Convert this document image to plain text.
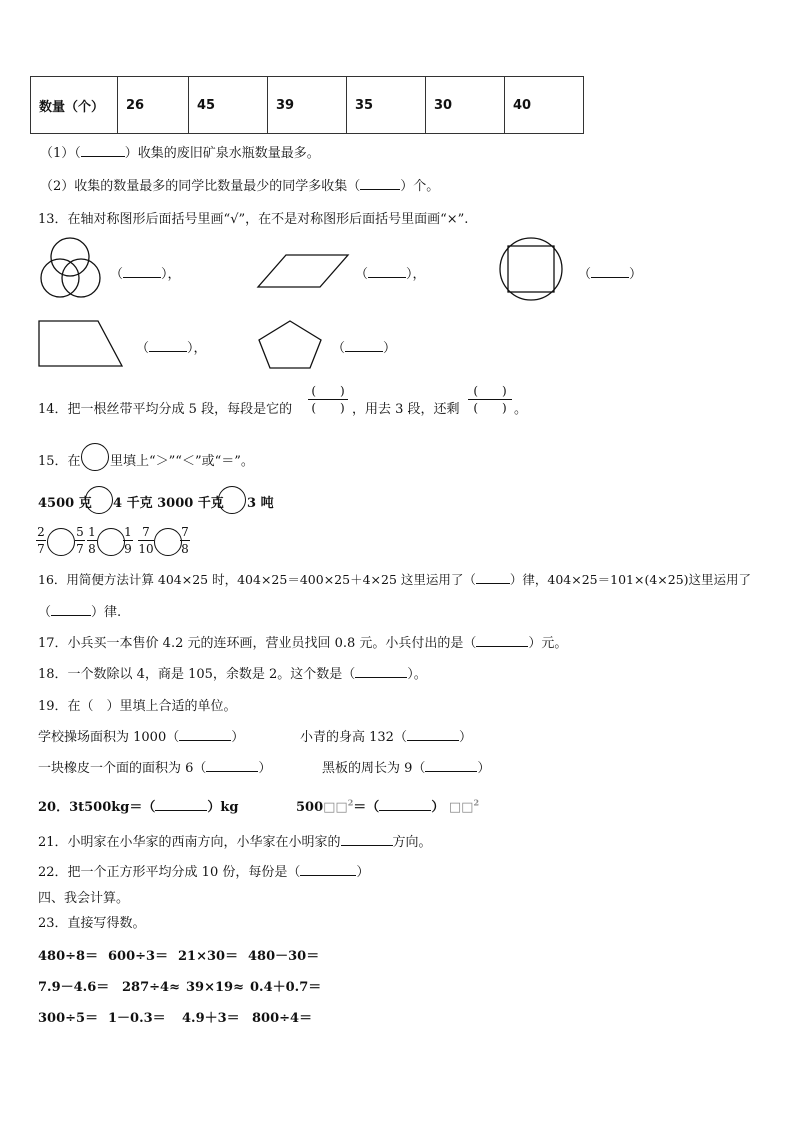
数量（个）	26	45	39	35	30	40
（1）（	）收集的废旧矿泉水瓶数量最多。
（2）收集的数量最多的同学比数量最少的同学多收集（	）个。
13．在轴对称图形后面括号里画“√”，在不是对称图形后面括号里面画“×”.
（	），	（	），	（	）
（	），	（	）
14．把一根丝带平均分成 5 段，每段是它的
(　　)
(　　) ，用去 3 段，还剩
(　　)
(　　) 。
15．在 里填上“＞”“＜”或“＝”。
4500 克 4 千克 3000 千克 3 吨
2
7
5
7
1
8
1
9
7
10
7
8
16．用简便方法计算 404×25 时，404×25＝400×25＋4×25 这里运用了（	）律，404×25＝101×(4×25)这里运用了
（	）律.
17．小兵买一本售价 4.2 元的连环画，营业员找回 0.8 元。小兵付出的是（	）元。
18．一个数除以 4，商是 105，余数是 2。这个数是（	）。
19．在（　）里填上合适的单位。
学校操场面积为 1000（	）	小青的身高 132（	）
一块橡皮一个面的面积为 6（	）	黑板的周长为 9（	）
20．3t500kg＝（	）kg	500□□$^2$＝（	） □□$^2$
21．小明家在小华家的西南方向，小华家在小明家的	方向。
22．把一个正方形平均分成 10 份，每份是（	）
四、我会计算。
23．直接写得数。
480÷8＝ 600÷3＝ 21×30＝ 480－30＝
7.9－4.6＝ 287÷4≈ 39×19≈ 0.4＋0.7＝
300÷5＝ 1－0.3＝ 4.9＋3＝ 800÷4＝
